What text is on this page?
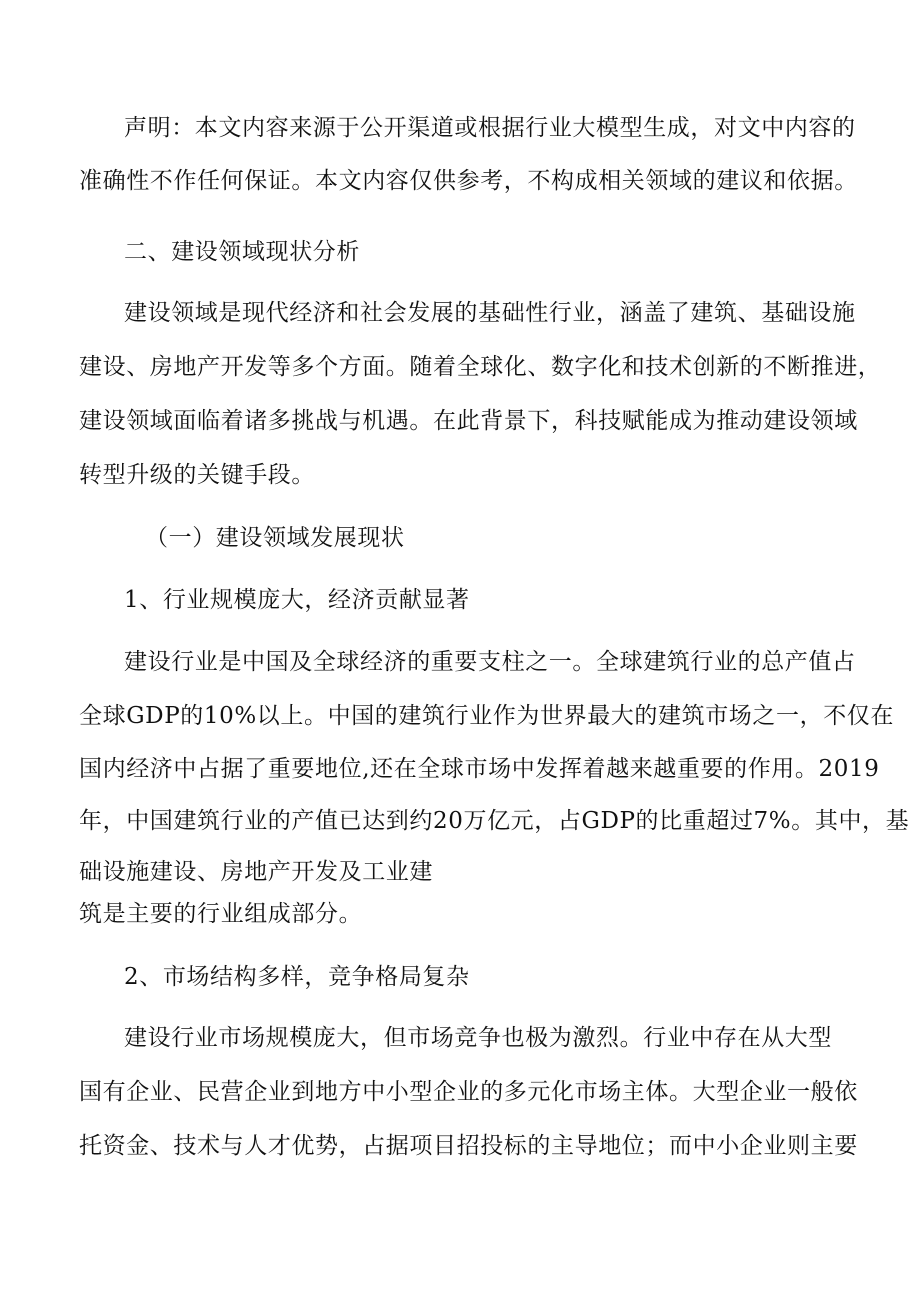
声明：本文内容来源于公开渠道或根据行业大模型生成，对文中内容的
准确性不作任何保证。本文内容仅供参考，不构成相关领域的建议和依据。
二、建设领域现状分析
建设领域是现代经济和社会发展的基础性行业，涵盖了建筑、基础设施
建设、房地产开发等多个方面。随着全球化、数字化和技术创新的不断推进，
建设领域面临着诸多挑战与机遇。在此背景下，科技赋能成为推动建设领域
转型升级的关键手段。
（一）建设领域发展现状
1、行业规模庞大，经济贡献显著
建设行业是中国及全球经济的重要支柱之一。全球建筑行业的总产值占
全球GDP的10%以上。中国的建筑行业作为世界最大的建筑市场之一，不仅在
国内经济中占据了重要地位,还在全球市场中发挥着越来越重要的作用。2019
年，中国建筑行业的产值已达到约20万亿元，占GDP的比重超过7%。其中，基
础设施建设、房地产开发及工业建
筑是主要的行业组成部分。
2、市场结构多样，竞争格局复杂
建设行业市场规模庞大，但市场竞争也极为激烈。行业中存在从大型
国有企业、民营企业到地方中小型企业的多元化市场主体。大型企业一般依
托资金、技术与人才优势，占据项目招投标的主导地位；而中小企业则主要
